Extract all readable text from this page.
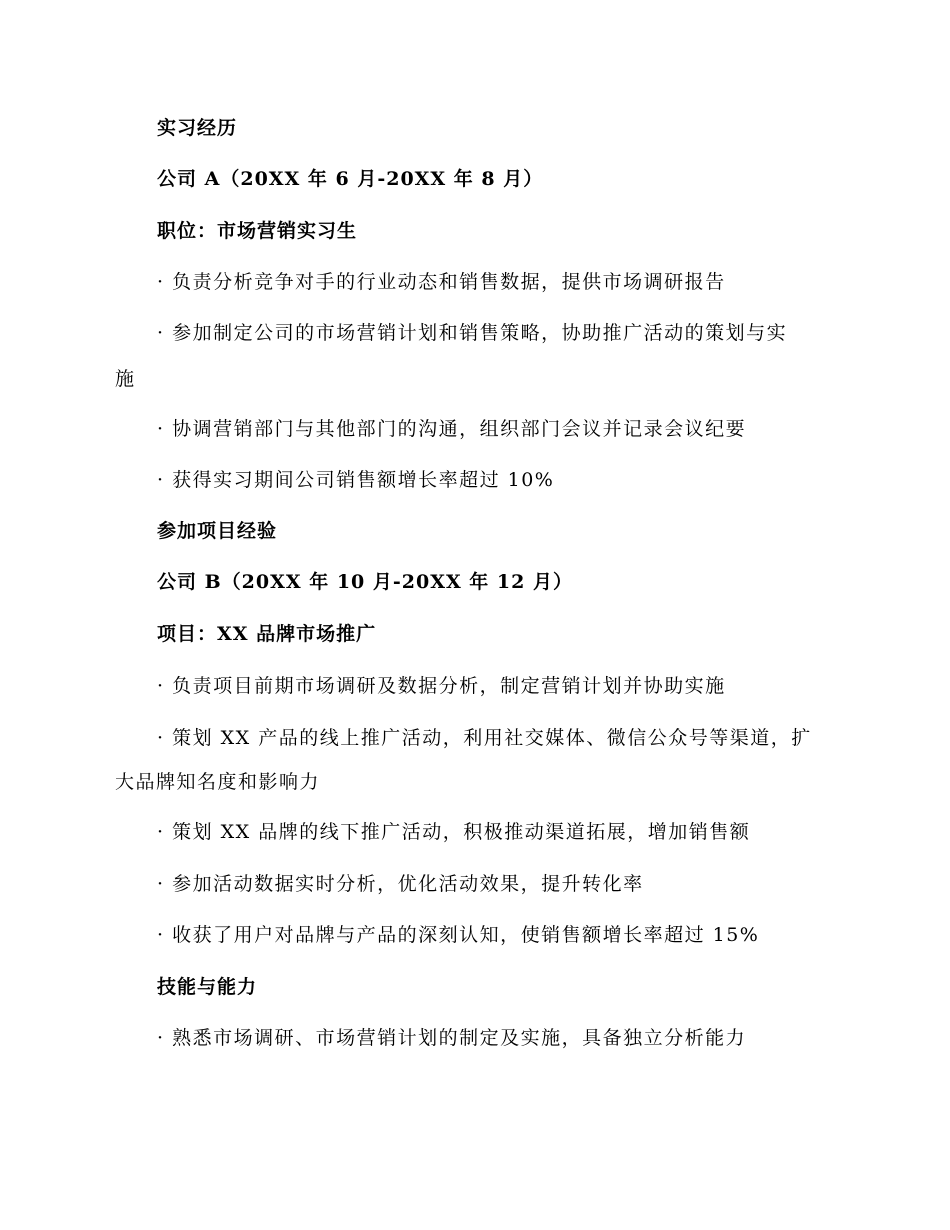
实习经历
公司 A（20XX 年 6 月-20XX 年 8 月）
职位：市场营销实习生
· 负责分析竞争对手的行业动态和销售数据，提供市场调研报告
· 参加制定公司的市场营销计划和销售策略，协助推广活动的策划与实
施
· 协调营销部门与其他部门的沟通，组织部门会议并记录会议纪要
· 获得实习期间公司销售额增长率超过 10%
参加项目经验
公司 B（20XX 年 10 月-20XX 年 12 月）
项目：XX 品牌市场推广
· 负责项目前期市场调研及数据分析，制定营销计划并协助实施
· 策划 XX 产品的线上推广活动，利用社交媒体、微信公众号等渠道，扩
大品牌知名度和影响力
· 策划 XX 品牌的线下推广活动，积极推动渠道拓展，增加销售额
· 参加活动数据实时分析，优化活动效果，提升转化率
· 收获了用户对品牌与产品的深刻认知，使销售额增长率超过 15%
技能与能力
· 熟悉市场调研、市场营销计划的制定及实施，具备独立分析能力
